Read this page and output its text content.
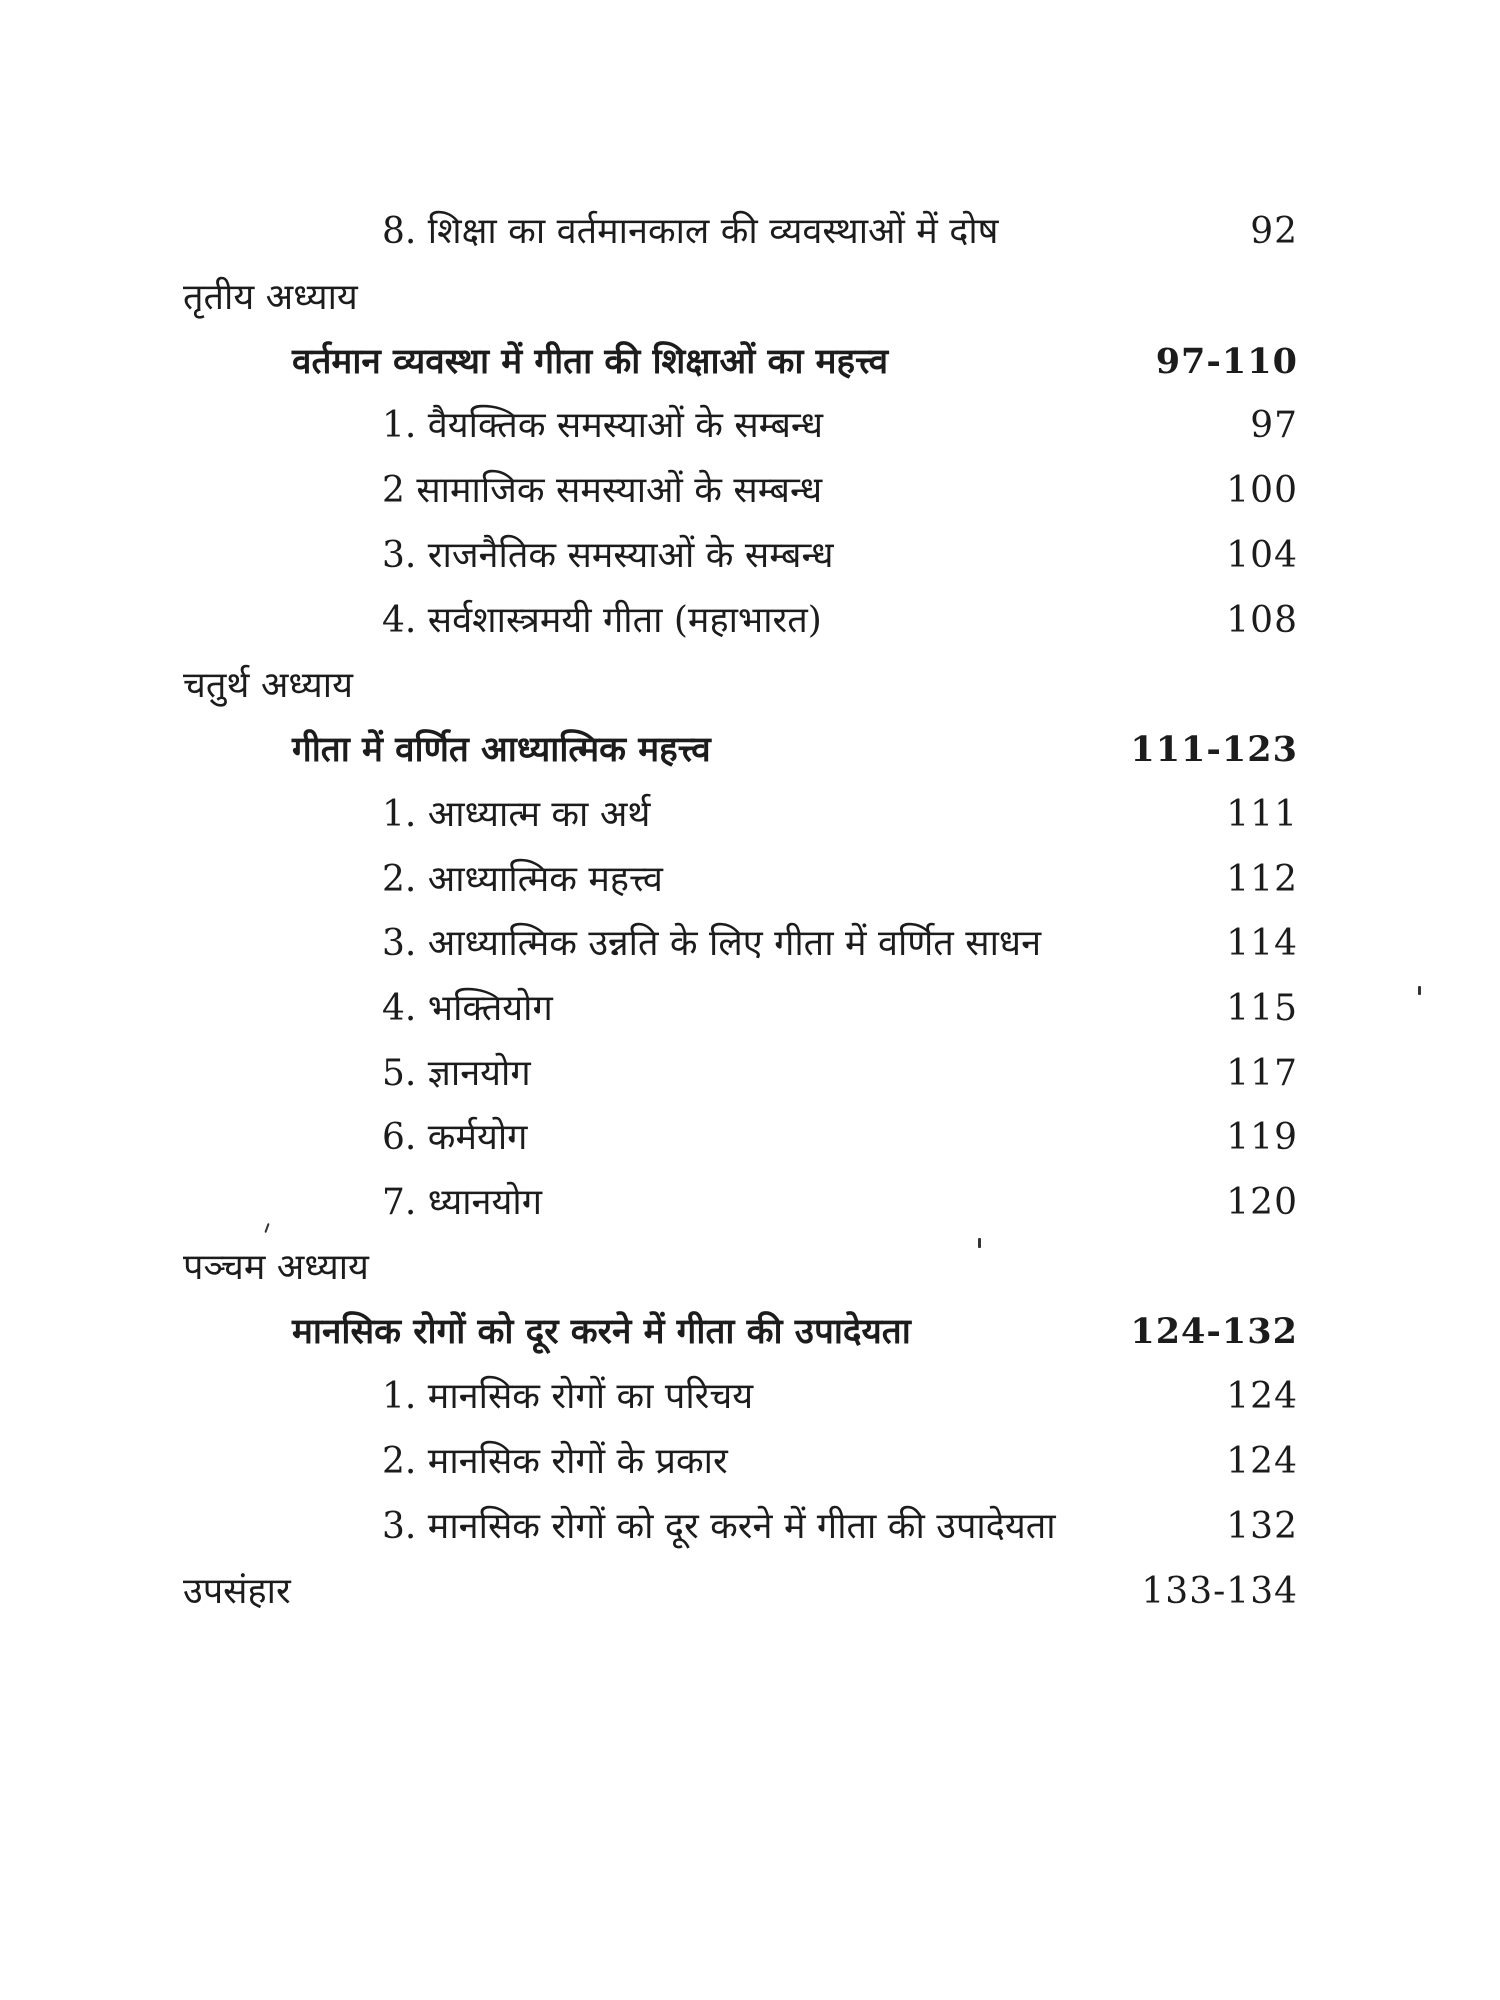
8. शिक्षा का वर्तमानकाल की व्यवस्थाओं में दोष	92
तृतीय अध्याय
वर्तमान व्यवस्था में गीता की शिक्षाओं का महत्त्व	97-110
1. वैयक्तिक समस्याओं के सम्बन्ध	97
2 सामाजिक समस्याओं के सम्बन्ध	100
3. राजनैतिक समस्याओं के सम्बन्ध	104
4. सर्वशास्त्रमयी गीता (महाभारत)	108
चतुर्थ अध्याय
गीता में वर्णित आध्यात्मिक महत्त्व	111-123
1. आध्यात्म का अर्थ	111
2. आध्यात्मिक महत्त्व	112
3. आध्यात्मिक उन्नति के लिए गीता में वर्णित साधन	114
4. भक्तियोग	115
5. ज्ञानयोग	117
6. कर्मयोग	119
7. ध्यानयोग	120
पञ्चम अध्याय
मानसिक रोगों को दूर करने में गीता की उपादेयता	124-132
1. मानसिक रोगों का परिचय	124
2. मानसिक रोगों के प्रकार	124
3. मानसिक रोगों को दूर करने में गीता की उपादेयता	132
उपसंहार	133-134
